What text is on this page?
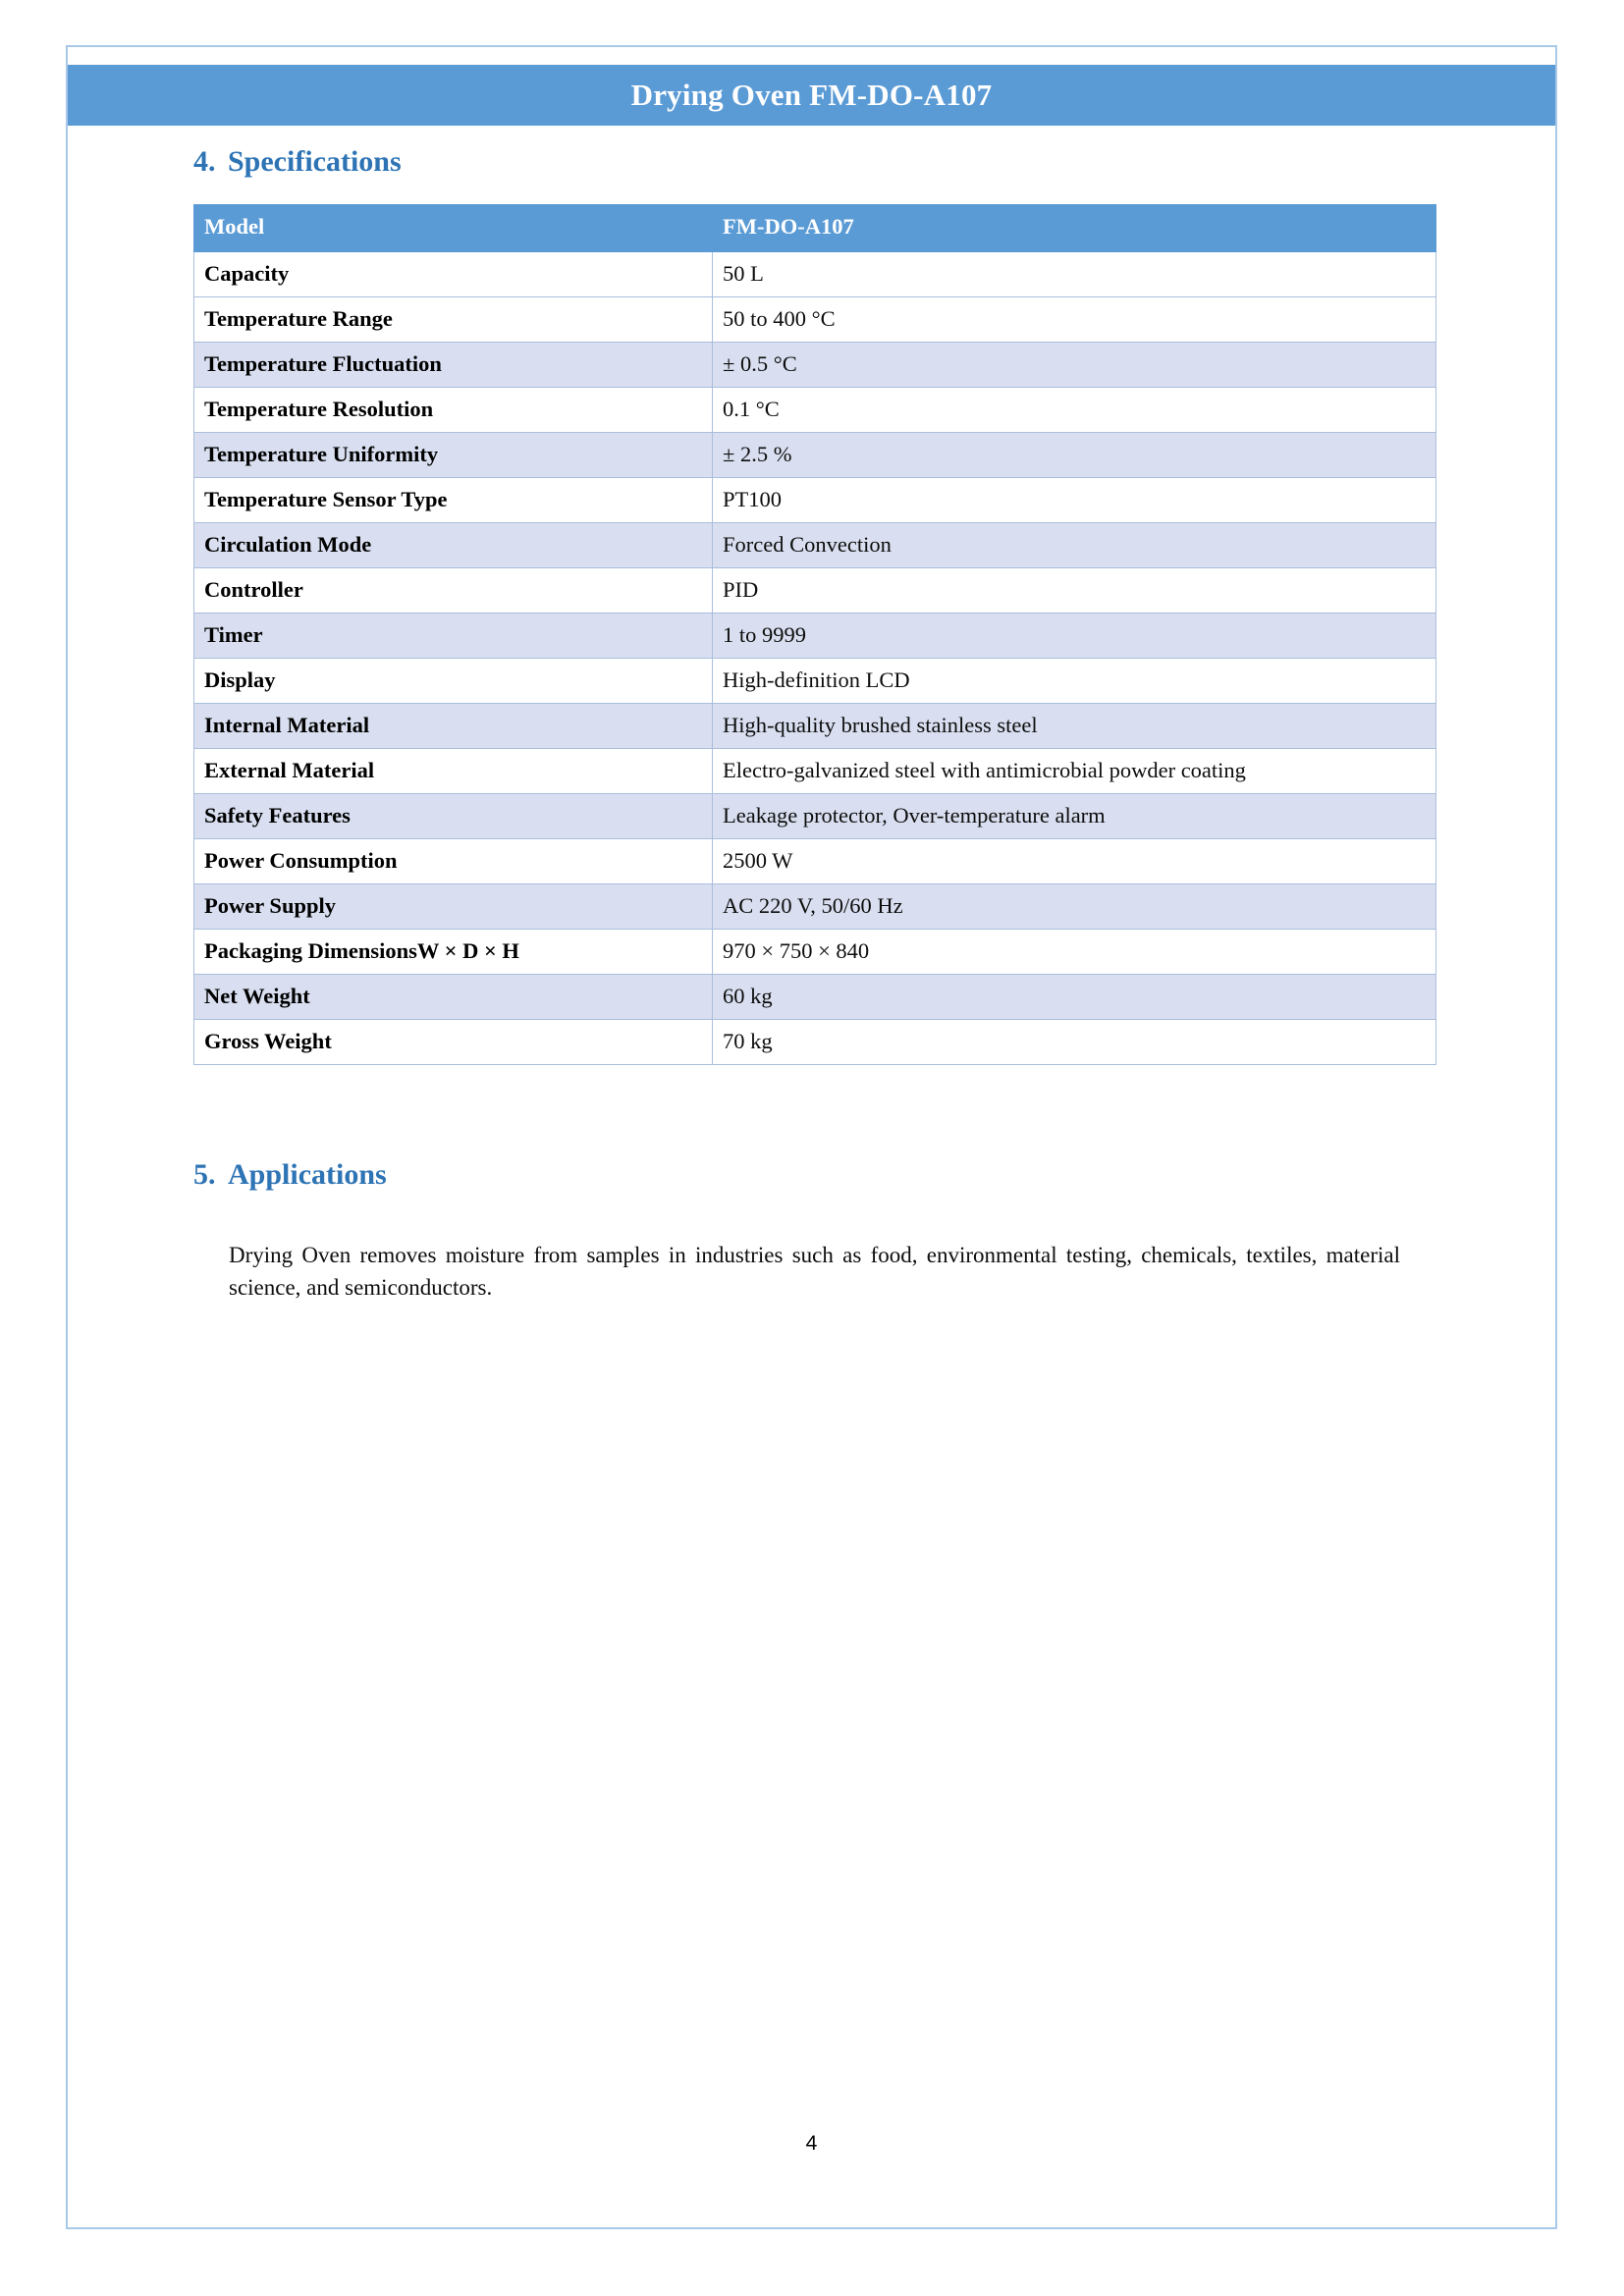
Drying Oven FM-DO-A107
4. Specifications
Model	FM-DO-A107
Capacity	50 L
Temperature Range	50 to 400 °C
Temperature Fluctuation	± 0.5 °C
Temperature Resolution	0.1 °C
Temperature Uniformity	± 2.5 %
Temperature Sensor Type	PT100
Circulation Mode	Forced Convection
Controller	PID
Timer	1 to 9999
Display	High-definition LCD
Internal Material	High-quality brushed stainless steel
External Material	Electro-galvanized steel with antimicrobial powder coating
Safety Features	Leakage protector, Over-temperature alarm
Power Consumption	2500 W
Power Supply	AC 220 V, 50/60 Hz
Packaging DimensionsW × D × H	970 × 750 × 840
Net Weight	60 kg
Gross Weight	70 kg
5. Applications

Drying Oven removes moisture from samples in industries such as food, environmental testing, chemicals, textiles, material science, and semiconductors.

4
